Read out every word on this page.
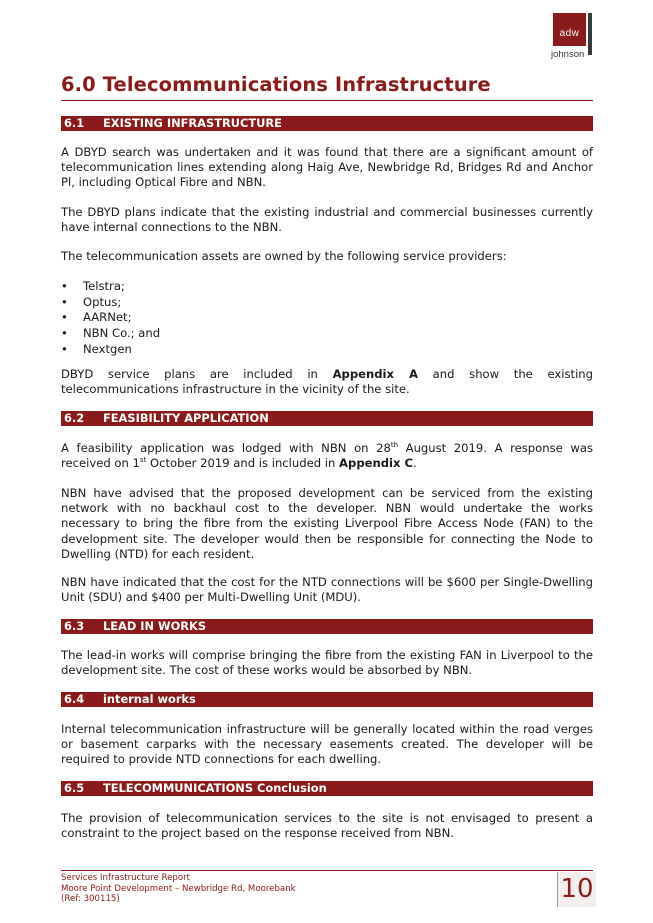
adw
johnson
6.0 Telecommunications Infrastructure
6.1 EXISTING INFRASTRUCTURE

A DBYD search was undertaken and it was found that there are a significant amount of telecommunication lines extending along Haig Ave, Newbridge Rd, Bridges Rd and Anchor Pl, including Optical Fibre and NBN.

The DBYD plans indicate that the existing industrial and commercial businesses currently have internal connections to the NBN.

The telecommunication assets are owned by the following service providers:

• Telstra;
• Optus;
• AARNet;
• NBN Co.; and
• Nextgen

DBYD service plans are included in Appendix A and show the existing telecommunications infrastructure in the vicinity of the site.

6.2 FEASIBILITY APPLICATION

A feasibility application was lodged with NBN on 28th August 2019. A response was received on 1st October 2019 and is included in Appendix C.

NBN have advised that the proposed development can be serviced from the existing network with no backhaul cost to the developer. NBN would undertake the works necessary to bring the fibre from the existing Liverpool Fibre Access Node (FAN) to the development site. The developer would then be responsible for connecting the Node to Dwelling (NTD) for each resident.

NBN have indicated that the cost for the NTD connections will be $600 per Single-Dwelling Unit (SDU) and $400 per Multi-Dwelling Unit (MDU).

6.3 LEAD IN WORKS

The lead-in works will comprise bringing the fibre from the existing FAN in Liverpool to the development site. The cost of these works would be absorbed by NBN.

6.4 internal works

Internal telecommunication infrastructure will be generally located within the road verges or basement carparks with the necessary easements created. The developer will be required to provide NTD connections for each dwelling.

6.5 TELECOMMUNICATIONS Conclusion

The provision of telecommunication services to the site is not envisaged to present a constraint to the project based on the response received from NBN.

Services Infrastructure Report
Moore Point Development – Newbridge Rd, Moorebank
(Ref: 300115)	10
